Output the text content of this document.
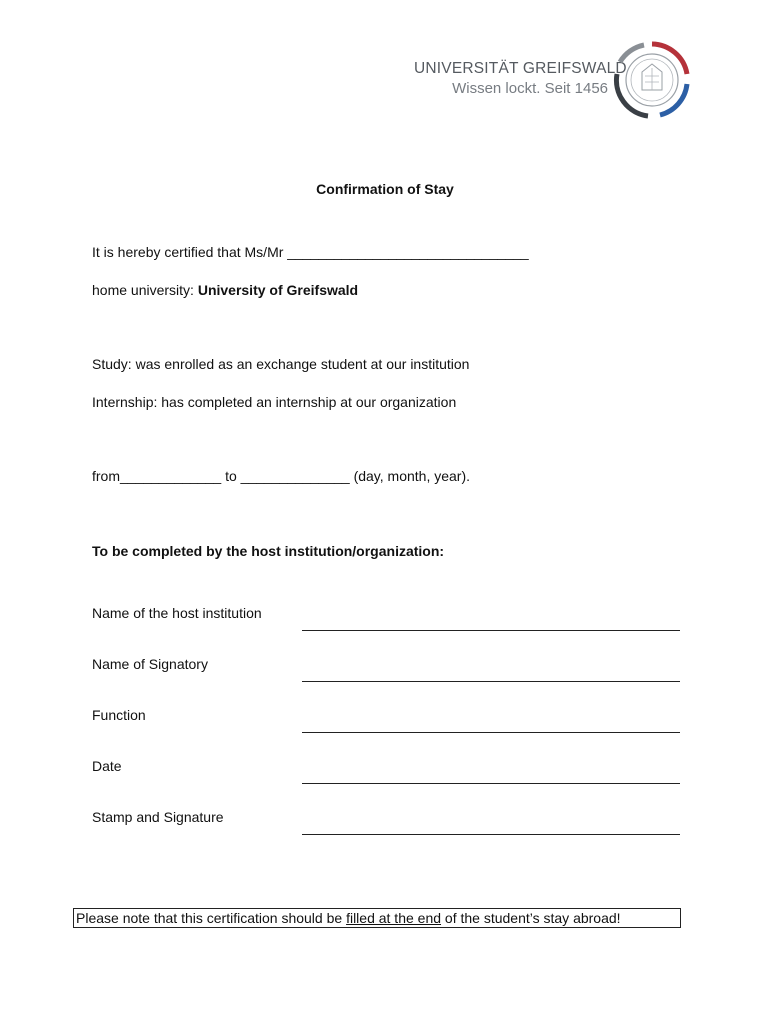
UNIVERSITÄT GREIFSWALD
Wissen lockt. Seit 1456
Confirmation of Stay
It is hereby certified that Ms/Mr _______________________________
home university: University of Greifswald
Study: was enrolled as an exchange student at our institution
Internship: has completed an internship at our organization
from_____________ to ______________ (day, month, year).
To be completed by the host institution/organization:
Name of the host institution
Name of Signatory
Function
Date
Stamp and Signature
Please note that this certification should be filled at the end of the student’s stay abroad!
